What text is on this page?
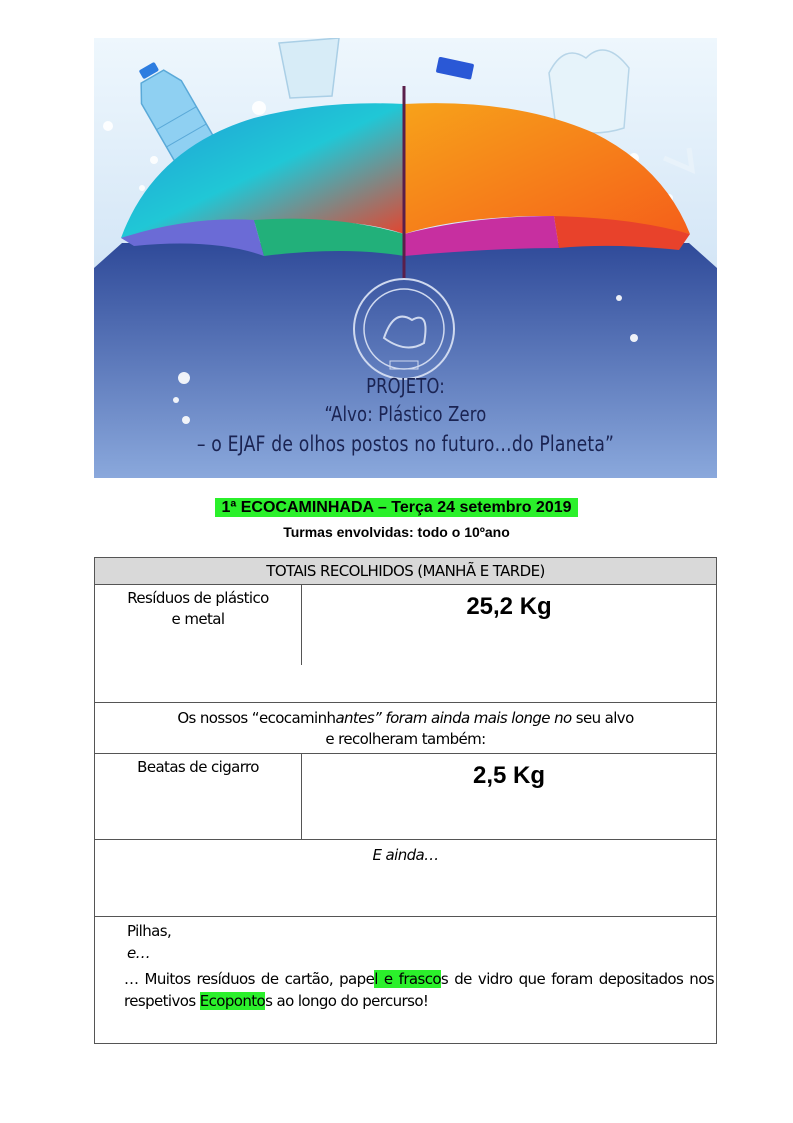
PROJETO:
“Alvo: Plástico Zero
– o EJAF de olhos postos no futuro…do Planeta”
1ª ECOCAMINHADA – Terça 24 setembro 2019
Turmas envolvidas: todo o 10ºano
TOTAIS RECOLHIDOS (MANHÃ E TARDE)
Resíduos de plástico
e metal	25,2 Kg
Os nossos “ecocaminhantes” foram ainda mais longe no seu alvo
e recolheram também:
Beatas de cigarro	2,5 Kg
E ainda…
Pilhas,
e…
… Muitos resíduos de cartão, papel e frascos de vidro que foram depositados nos respetivos Ecopontos ao longo do percurso!
